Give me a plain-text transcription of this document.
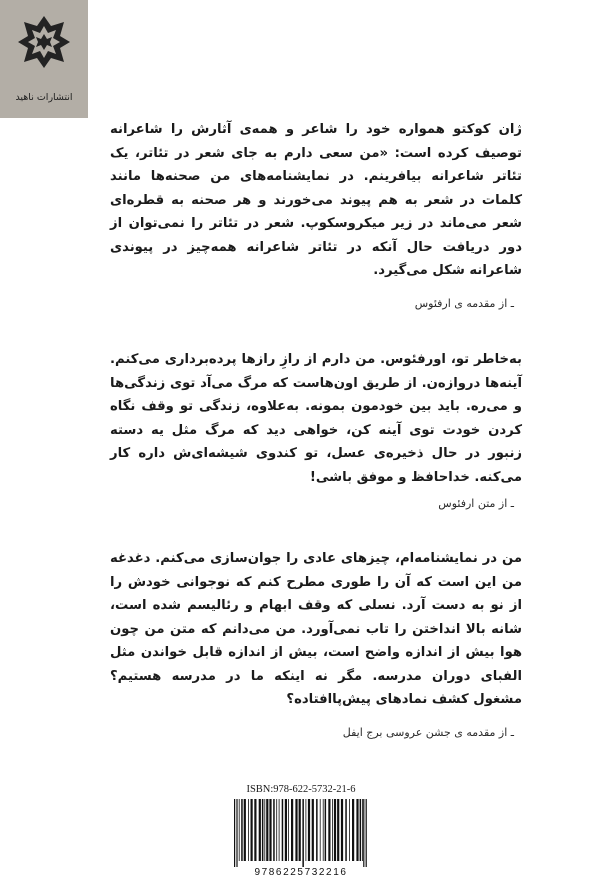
انتشارات ناهید
ژان کوکتو همواره خود را شاعر و همه‌ی آثارش را شاعرانه توصیف کرده است: «من سعی دارم به جای شعر در تئاتر، یک تئاتر شاعرانه بیافرینم. در نمایشنامه‌های من صحنه‌ها مانند کلمات در شعر به هم پیوند می‌خورند و هر صحنه به قطره‌ای شعر می‌ماند در زیر میکروسکوپ. شعر در تئاتر را نمی‌توان از دور دریافت حال آنکه در تئاتر شاعرانه همه‌چیز در پیوندی شاعرانه شکل می‌گیرد.
ـ از مقدمه ی ارفئوس
به‌خاطر تو، اورفئوس. من دارم از رازِ رازها پرده‌برداری می‌کنم. آینه‌ها دروازه‌ن. از طریق اون‌هاست که مرگ می‌آد توی زندگی‌ها و می‌ره. باید بین خودمون بمونه. به‌علاوه، زندگی تو وقف نگاه کردن خودت توی آینه کن، خواهی دید که مرگ مثل یه دسته زنبور در حال ذخیره‌ی عسل، تو کندوی شیشه‌ای‌ش داره کار می‌کنه. خداحافظ و موفق باشی!
ـ از متن ارفئوس
من در نمایشنامه‌ام، چیزهای عادی را جوان‌سازی می‌کنم. دغدغه من این است که آن را طوری مطرح کنم که نوجوانی خودش را از نو به دست آرد. نسلی که وقف ابهام و رئالیسم شده است، شانه بالا انداختن را تاب نمی‌آورد. من می‌دانم که متن من چون هوا بیش از اندازه واضح است، بیش از اندازه قابل خواندن مثل الفبای دوران مدرسه. مگر نه اینکه ما در مدرسه هستیم؟ مشغول کشف نمادهای پیش‌پاافتاده؟
ـ از مقدمه ی جشن عروسی برج ایفل
ISBN:978-622-5732-21-6
9786225732216
